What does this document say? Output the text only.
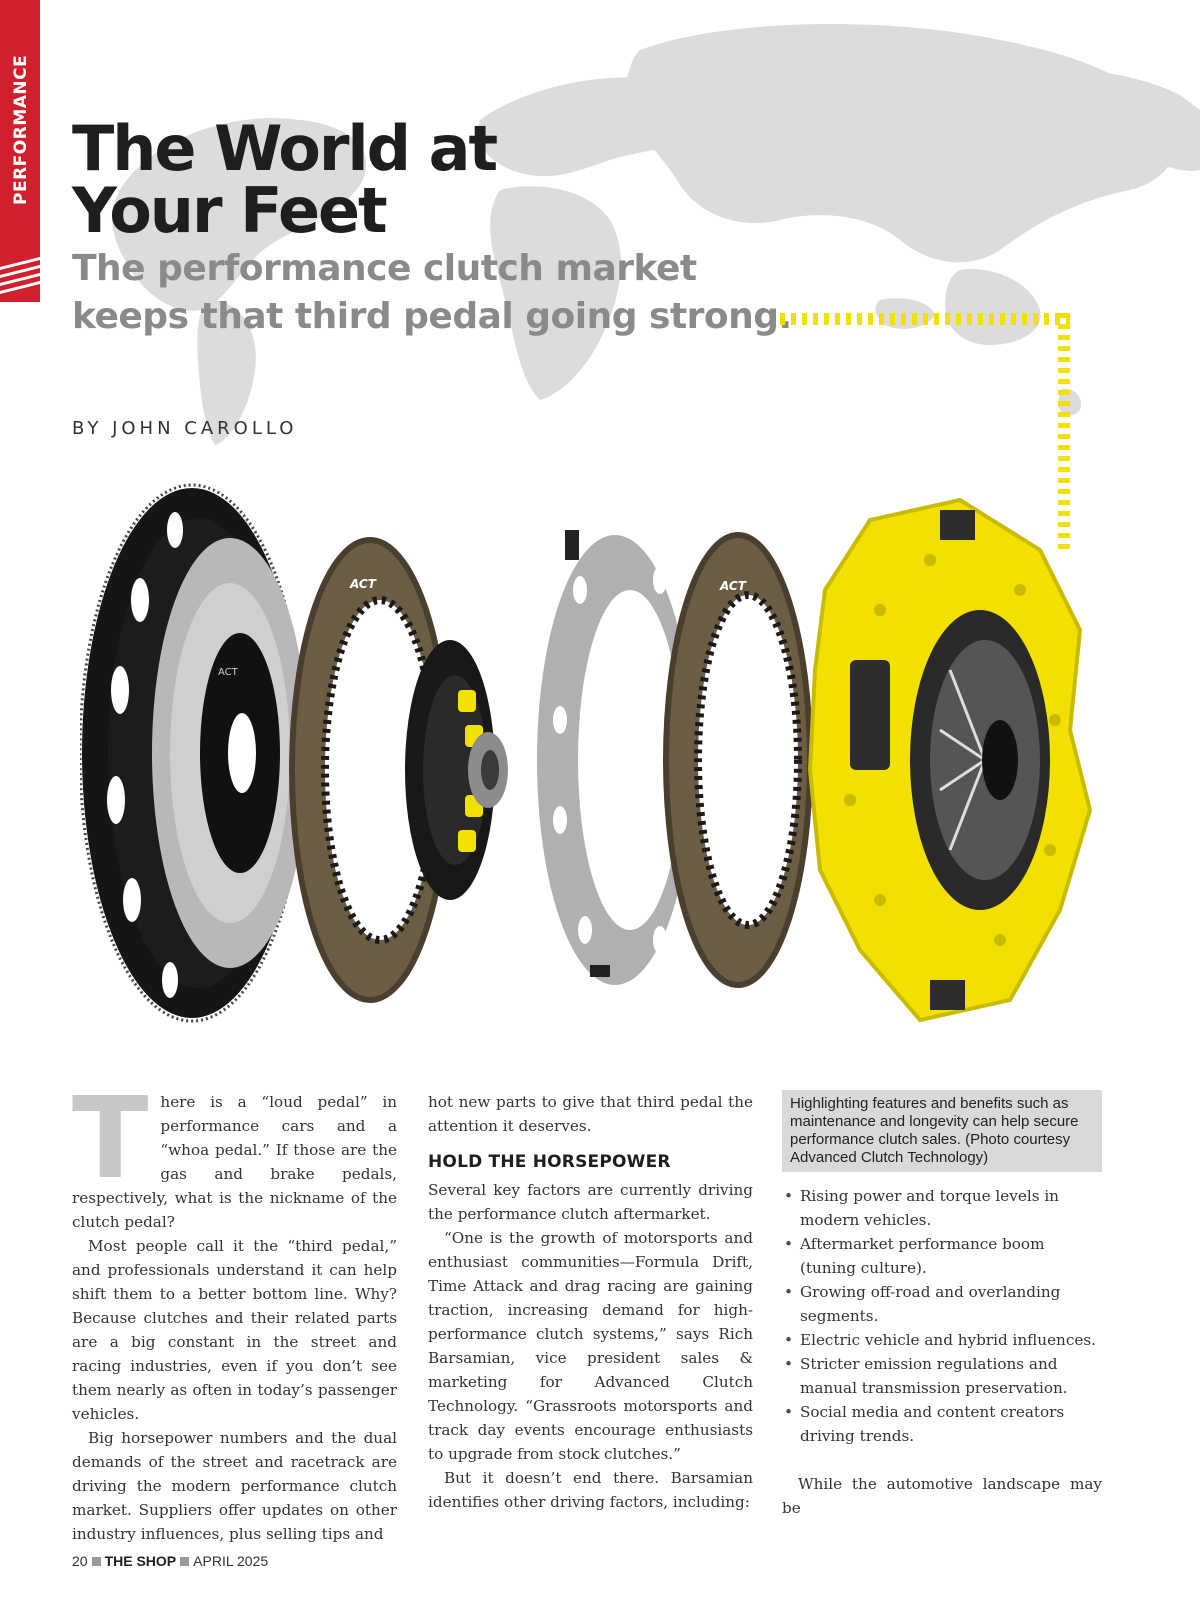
PERFORMANCE The World at
Your Feet
The performance clutch market
keeps that third pedal going strong.
BY JOHN CAROLLO
ACT
ACT	ACT
T here is a “loud pedal” in performance cars and a “whoa pedal.” If those are the gas and brake pedals, respectively, what is the nickname of the clutch pedal?

Most people call it the “third pedal,” and professionals understand it can help shift them to a better bottom line. Why? Because clutches and their related parts are a big constant in the street and racing industries, even if you don’t see them nearly as often in today’s passenger vehicles.

Big horsepower numbers and the dual demands of the street and racetrack are driving the modern performance clutch market. Suppliers offer updates on other industry influences, plus selling tips and

hot new parts to give that third pedal the attention it deserves.

HOLD THE HORSEPOWER

Several key factors are currently driving the performance clutch aftermarket.

“One is the growth of motorsports and enthusiast communities—Formula Drift, Time Attack and drag racing are gaining traction, increasing demand for high-performance clutch systems,” says Rich Barsamian, vice president sales & marketing for Advanced Clutch Technology. “Grassroots motorsports and track day events encourage enthusiasts to upgrade from stock clutches.”

But it doesn’t end there. Barsamian identifies other driving factors, including:

Highlighting features and benefits such as maintenance and longevity can help secure performance clutch sales. (Photo courtesy Advanced Clutch Technology)
• Rising power and torque levels in modern vehicles.
• Aftermarket performance boom (tuning culture).
• Growing off-road and overlanding segments.
• Electric vehicle and hybrid influences.
• Stricter emission regulations and manual transmission preservation.
• Social media and content creators driving trends.

While the automotive landscape may be

20 THE SHOP APRIL 2025
